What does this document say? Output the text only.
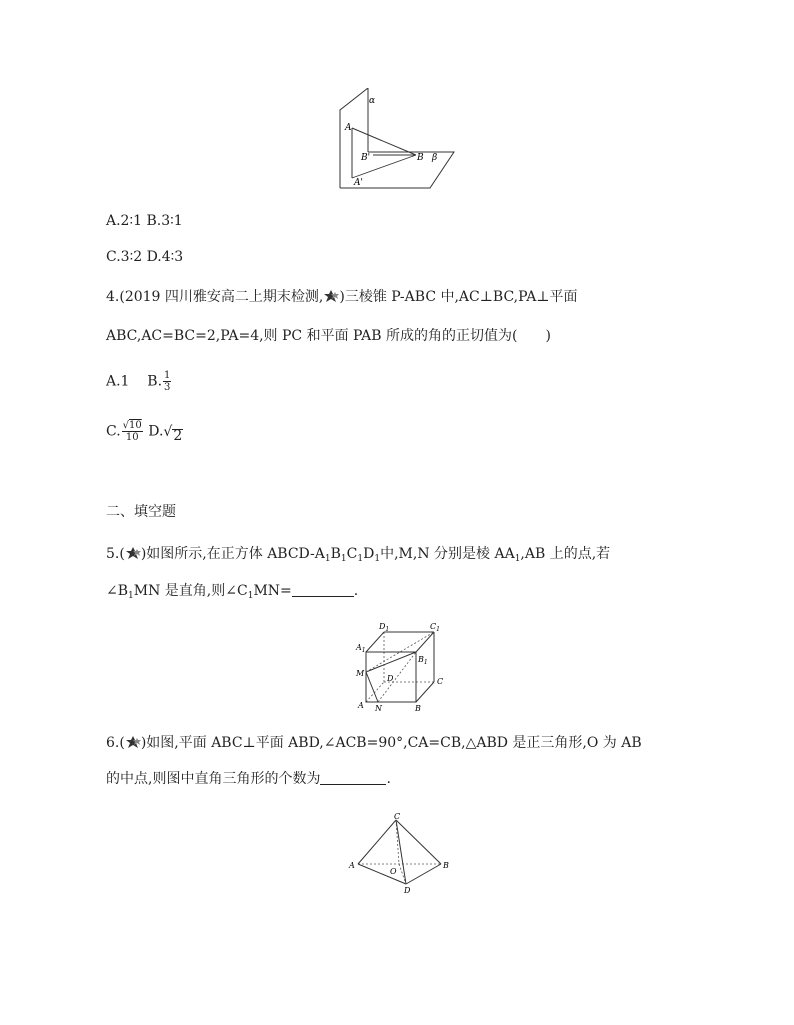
α
A
B'	B β
A'
A.2∶1 B.3∶1
C.3∶2 D.4∶3
4.(2019 四川雅安高二上期末检测, )三棱锥 P-ABC 中,AC⊥BC,PA⊥平面
ABC,AC=BC=2,PA=4,则 PC 和平面 PAB 所成的角的正切值为(　　)
A.1 B. $\frac{1}{3}$
C. $\frac{√10}{10} D.√$ 2
二、填空题
5.( )如图所示,在正方体 ABCD-$A_1B_1C_1D_1$中,M,N 分别是棱 $AA_1,AB$ 上的点,若
$\angle B_1MN$ 是直角,则$\angle C_1MN=$	.
$D_1$	$C_1$
$A_1$
$B_1$
M
D	C
A N	B
6.( )如图,平面 ABC⊥平面 ABD,∠ACB=90°,CA=CB,△ABD 是正三角形,O 为 AB
的中点,则图中直角三角形的个数为	.
C
A	B
O
D
